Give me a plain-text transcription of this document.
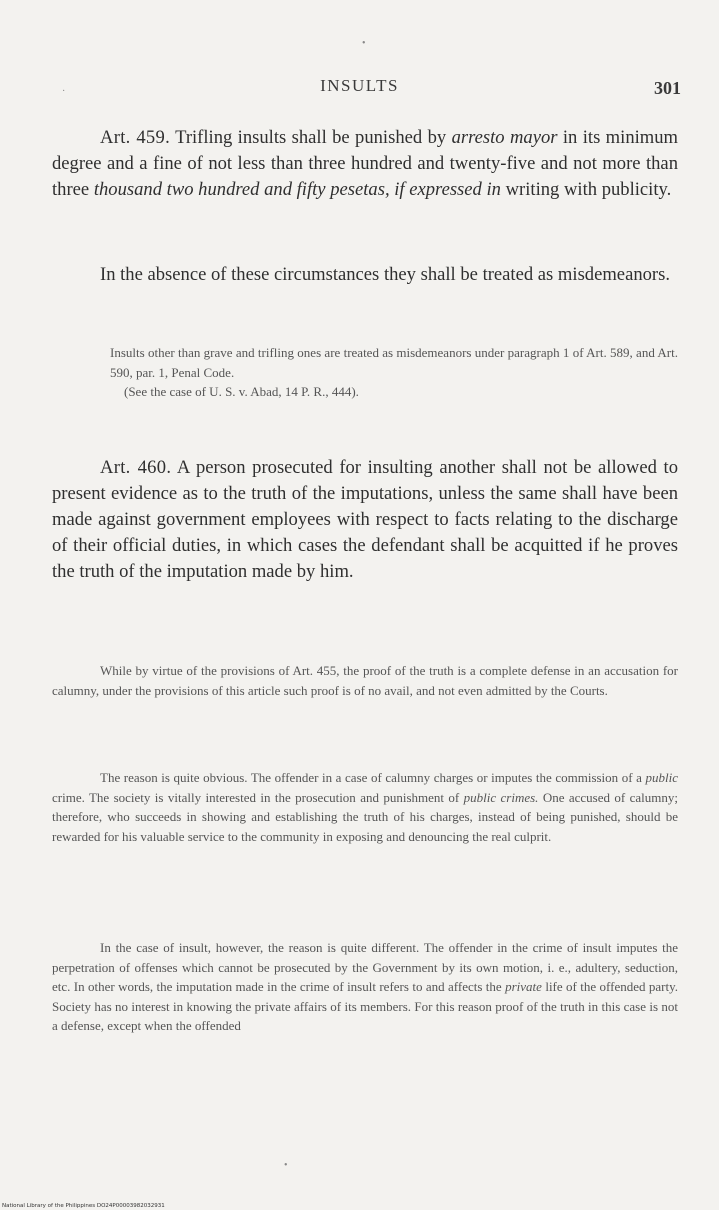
•
·	INSULTS	301

Art. 459. Trifling insults shall be punished by arresto mayor in its minimum degree and a fine of not less than three hundred and twenty-five and not more than three thousand two hundred and fifty pesetas, if expressed in writing with publicity.

In the absence of these circumstances they shall be treated as misdemeanors.

Insults other than grave and trifling ones are treated as misdemeanors under paragraph 1 of Art. 589, and Art. 590, par. 1, Penal Code.

(See the case of U. S. v. Abad, 14 P. R., 444).

Art. 460. A person prosecuted for insulting another shall not be allowed to present evidence as to the truth of the imputations, unless the same shall have been made against government employees with respect to facts relating to the discharge of their official duties, in which cases the defendant shall be acquitted if he proves the truth of the imputation made by him.

While by virtue of the provisions of Art. 455, the proof of the truth is a complete defense in an accusation for calumny, under the provisions of this article such proof is of no avail, and not even admitted by the Courts.

The reason is quite obvious. The offender in a case of calumny charges or imputes the commission of a public crime. The society is vitally interested in the prosecution and punishment of public crimes. One accused of calumny; therefore, who succeeds in showing and establishing the truth of his charges, instead of being punished, should be rewarded for his valuable service to the community in exposing and denouncing the real culprit.

In the case of insult, however, the reason is quite different. The offender in the crime of insult imputes the perpetration of offenses which cannot be prosecuted by the Government by its own motion, i. e., adultery, seduction, etc. In other words, the imputation made in the crime of insult refers to and affects the private life of the offended party. Society has no interest in knowing the private affairs of its members. For this reason proof of the truth in this case is not a defense, except when the offended

•
National Library of the Philippines DO24P00003982032931
